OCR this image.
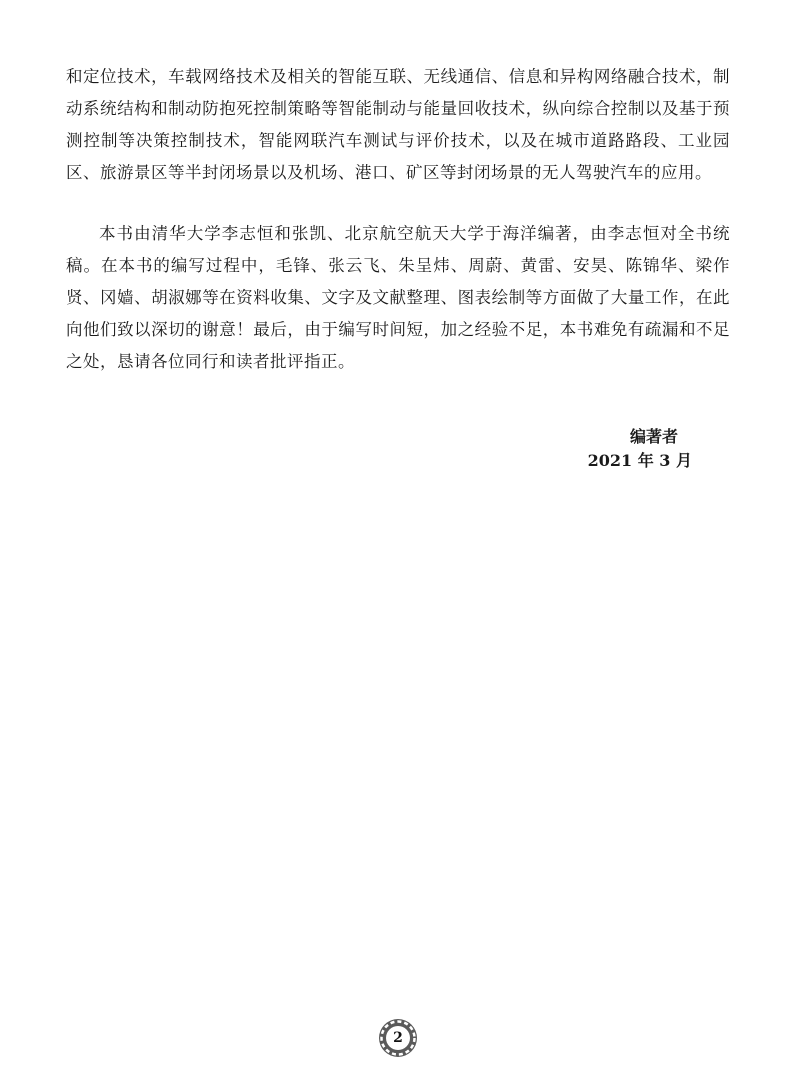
和定位技术，车载网络技术及相关的智能互联、无线通信、信息和异构网络融合技术，制动系统结构和制动防抱死控制策略等智能制动与能量回收技术，纵向综合控制以及基于预测控制等决策控制技术，智能网联汽车测试与评价技术，以及在城市道路路段、工业园区、旅游景区等半封闭场景以及机场、港口、矿区等封闭场景的无人驾驶汽车的应用。

本书由清华大学李志恒和张凯、北京航空航天大学于海洋编著，由李志恒对全书统稿。在本书的编写过程中，毛锋、张云飞、朱呈炜、周蔚、黄雷、安昊、陈锦华、梁作贤、冈嫱、胡淑娜等在资料收集、文字及文献整理、图表绘制等方面做了大量工作，在此向他们致以深切的谢意！最后，由于编写时间短，加之经验不足，本书难免有疏漏和不足之处，恳请各位同行和读者批评指正。

编著者
2021 年 3 月
2
